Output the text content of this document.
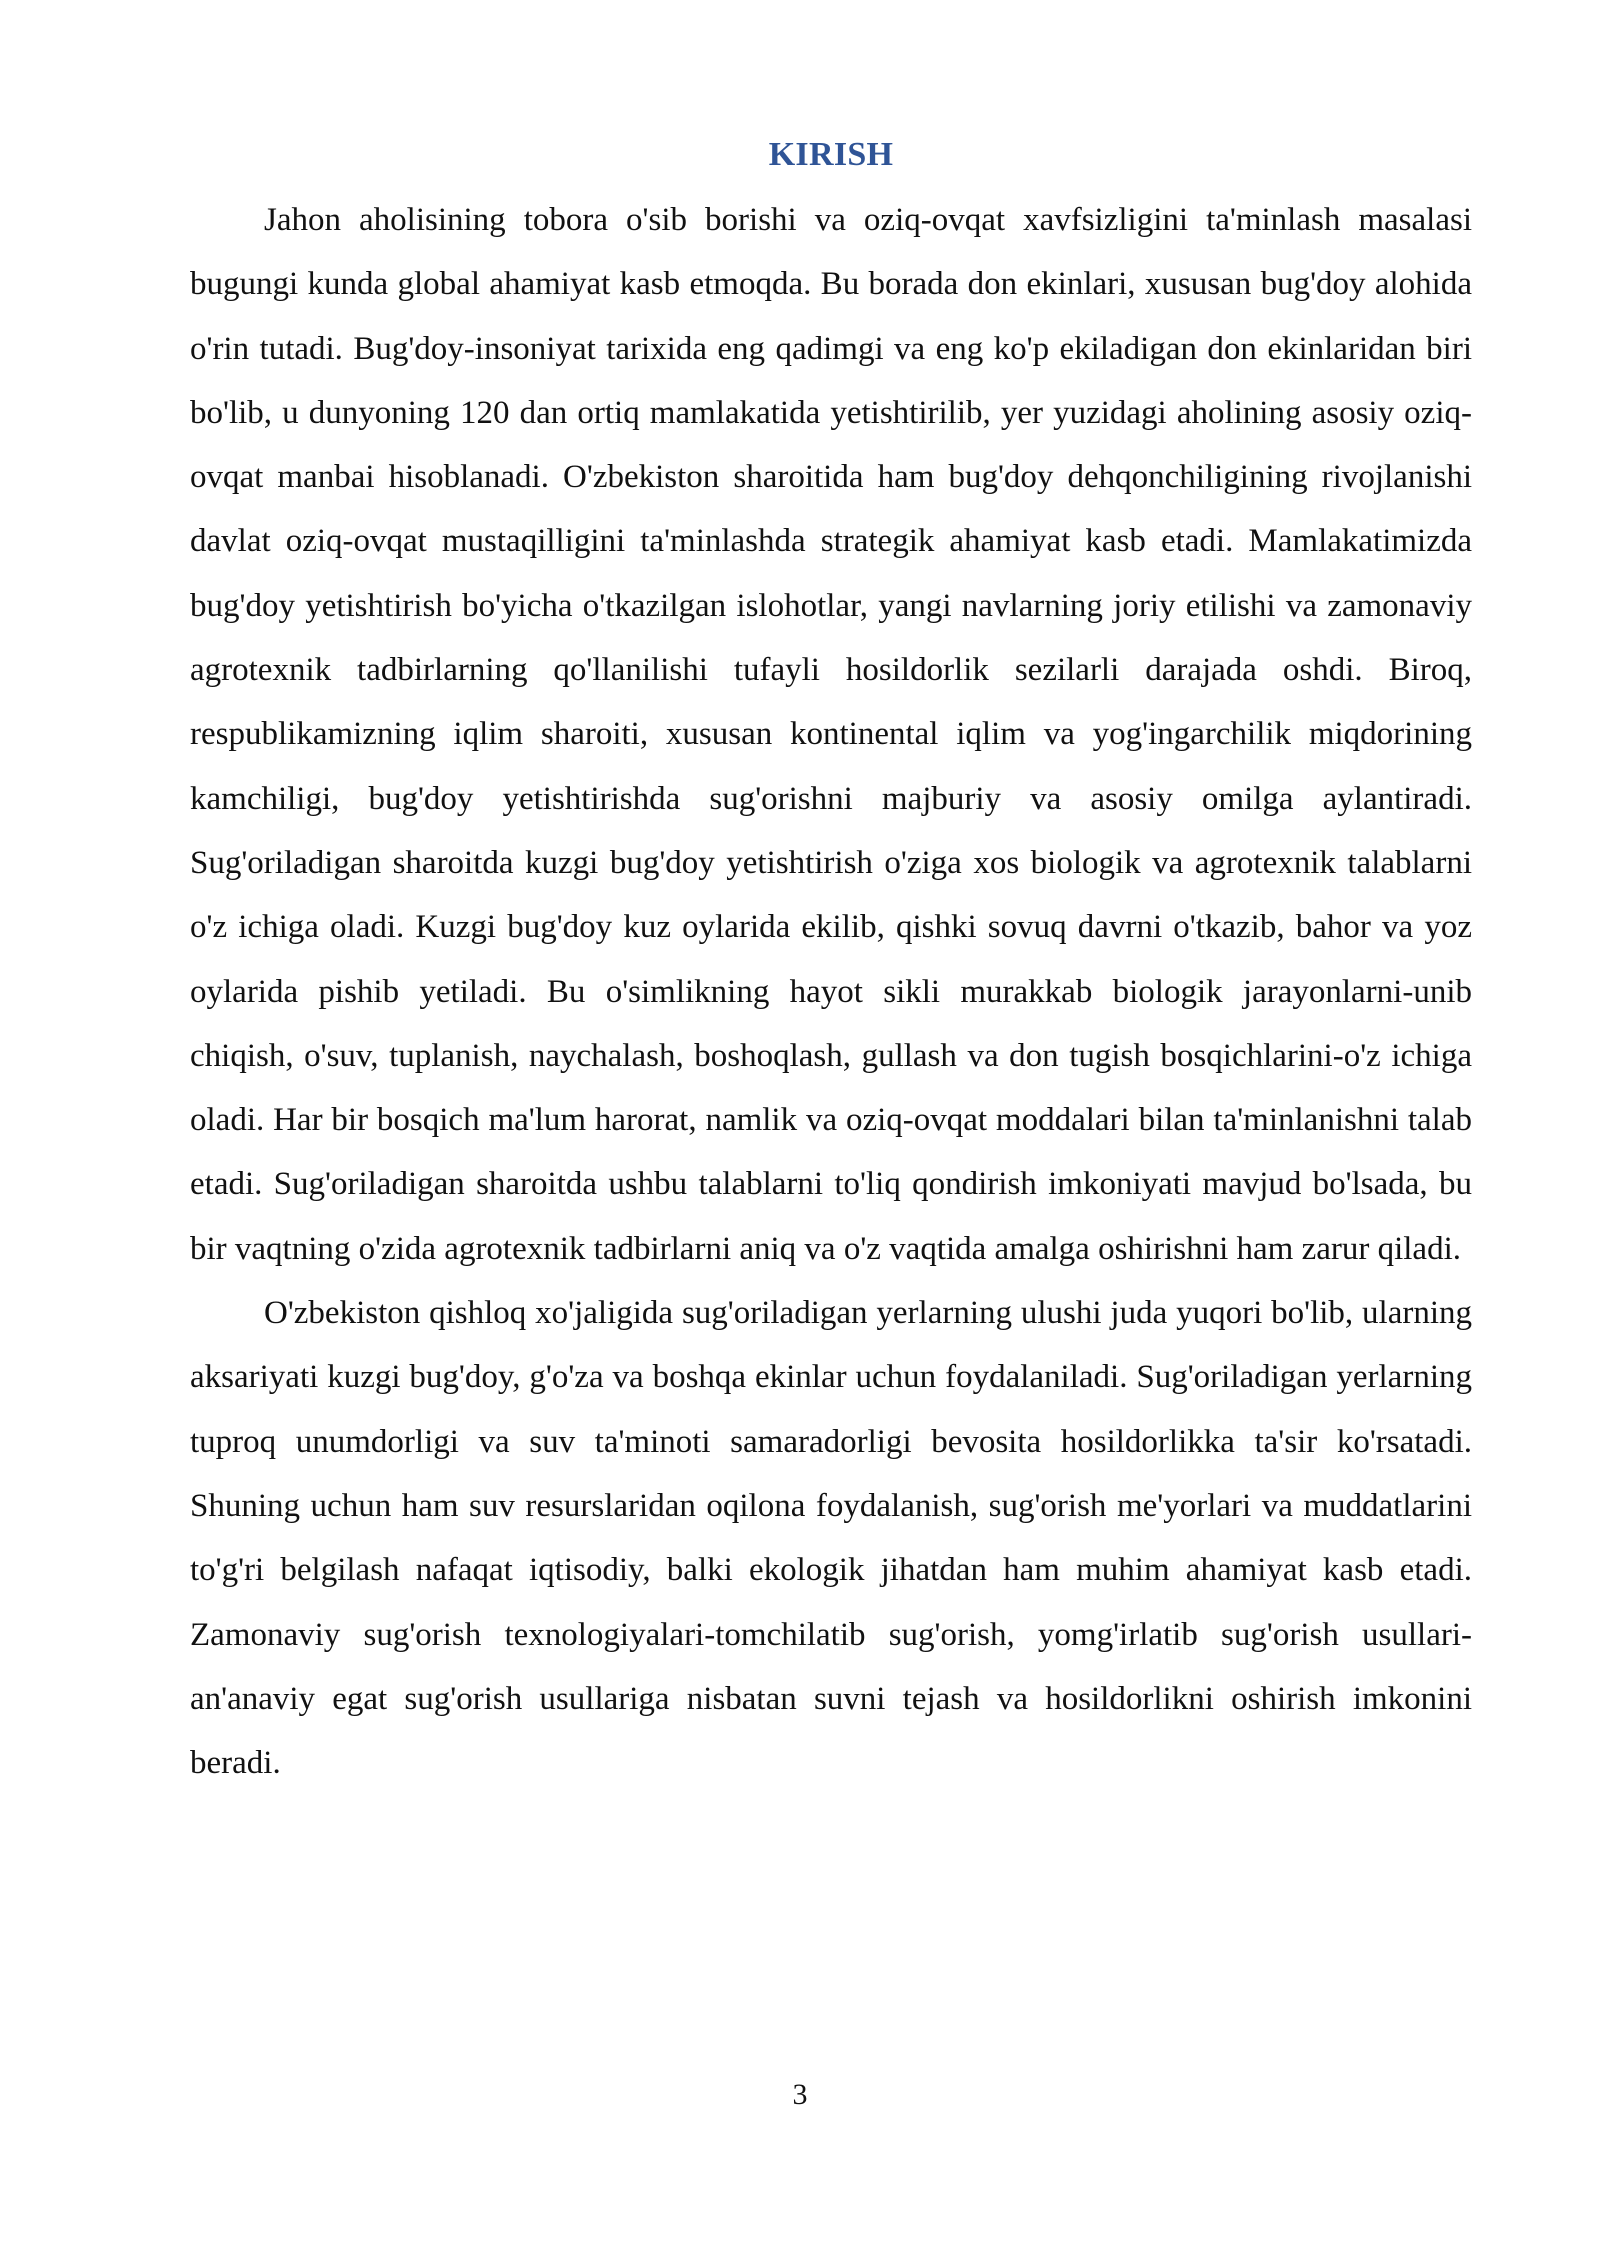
KIRISH

Jahon aholisining tobora o'sib borishi va oziq-ovqat xavfsizligini ta'minlash masalasi bugungi kunda global ahamiyat kasb etmoqda. Bu borada don ekinlari, xususan bug'doy alohida o'rin tutadi. Bug'doy-insoniyat tarixida eng qadimgi va eng ko'p ekiladigan don ekinlaridan biri bo'lib, u dunyoning 120 dan ortiq mamlakatida yetishtirilib, yer yuzidagi aholining asosiy oziq-ovqat manbai hisoblanadi. O'zbekiston sharoitida ham bug'doy dehqonchiligining rivojlanishi davlat oziq-ovqat mustaqilligini ta'minlashda strategik ahamiyat kasb etadi. Mamlakatimizda bug'doy yetishtirish bo'yicha o'tkazilgan islohotlar, yangi navlarning joriy etilishi va zamonaviy agrotexnik tadbirlarning qo'llanilishi tufayli hosildorlik sezilarli darajada oshdi. Biroq, respublikamizning iqlim sharoiti, xususan kontinental iqlim va yog'ingarchilik miqdorining kamchiligi, bug'doy yetishtirishda sug'orishni majburiy va asosiy omilga aylantiradi. Sug'oriladigan sharoitda kuzgi bug'doy yetishtirish o'ziga xos biologik va agrotexnik talablarni o'z ichiga oladi. Kuzgi bug'doy kuz oylarida ekilib, qishki sovuq davrni o'tkazib, bahor va yoz oylarida pishib yetiladi. Bu o'simlikning hayot sikli murakkab biologik jarayonlarni-unib chiqish, o'suv, tuplanish, naychalash, boshoqlash, gullash va don tugish bosqichlarini-o'z ichiga oladi. Har bir bosqich ma'lum harorat, namlik va oziq-ovqat moddalari bilan ta'minlanishni talab etadi. Sug'oriladigan sharoitda ushbu talablarni to'liq qondirish imkoniyati mavjud bo'lsada, bu bir vaqtning o'zida agrotexnik tadbirlarni aniq va o'z vaqtida amalga oshirishni ham zarur qiladi.

O'zbekiston qishloq xo'jaligida sug'oriladigan yerlarning ulushi juda yuqori bo'lib, ularning aksariyati kuzgi bug'doy, g'o'za va boshqa ekinlar uchun foydalaniladi. Sug'oriladigan yerlarning tuproq unumdorligi va suv ta'minoti samaradorligi bevosita hosildorlikka ta'sir ko'rsatadi. Shuning uchun ham suv resurslaridan oqilona foydalanish, sug'orish me'yorlari va muddatlarini to'g'ri belgilash nafaqat iqtisodiy, balki ekologik jihatdan ham muhim ahamiyat kasb etadi. Zamonaviy sug'orish texnologiyalari-tomchilatib sug'orish, yomg'irlatib sug'orish usullari-an'anaviy egat sug'orish usullariga nisbatan suvni tejash va hosildorlikni oshirish imkonini beradi.

3
